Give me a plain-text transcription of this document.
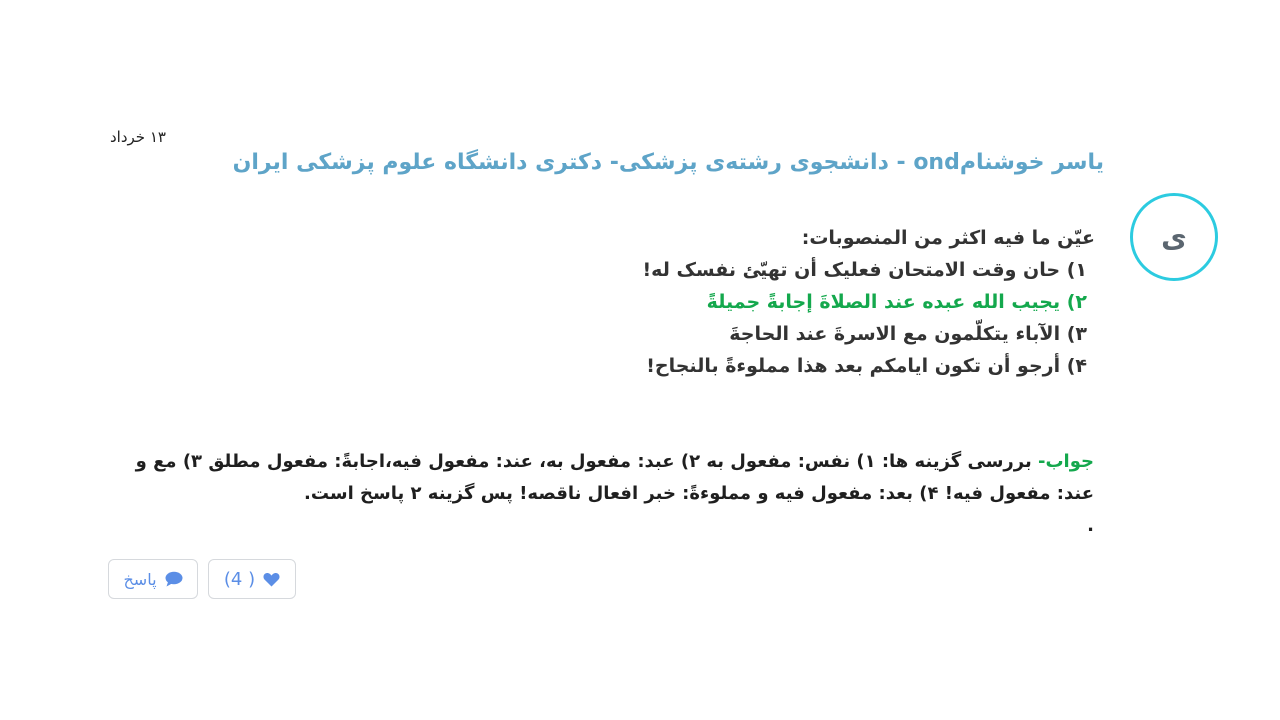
۱۳ خرداد
یاسر خوشنامond - دانشجوی رشته‌ی پزشکی- دکتری دانشگاه علوم پزشکی ایران
ی
عيّن ما فيه اكثر من المنصوبات:
۱) حان وقت الامتحان فعليک أن تهيّئ نفسک له!
۲) يجيب الله عبده عند الصلاةَ إجابةً جميلةً
۳) الآباء يتكلّمون مع الاسرةَ عند الحاجةَ
۴) أرجو أن تکون ايامكم بعد هذا مملوءةً بالنجاح!
جواب- بررسی گزینه ها: ۱) نفس: مفعول به ۲) عبد: مفعول به، عند: مفعول فيه،اجابةً: مفعول مطلق ۳) مع و عند: مفعول فيه! ۴) بعد: مفعول فيه و مملوءةً: خبر افعال ناقصه! پس گزینه ۲ پاسخ است.
.
پاسخ	( 4)
